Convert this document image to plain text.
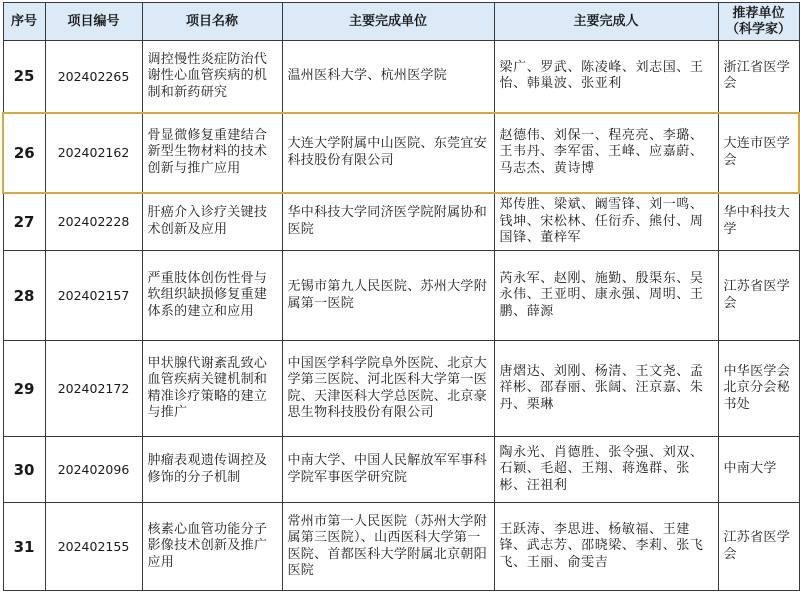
序号	项目编号	项目名称	主要完成单位	主要完成人	推荐单位
（科学家）
25	202402265	调控慢性炎症防治代谢性心血管疾病的机制和新药研究	温州医科大学、杭州医学院	梁广、罗武、陈凌峰、刘志国、王怡、韩巢波、张亚利	浙江省医学会
26	202402162	骨显微修复重建结合新型生物材料的技术创新与推广应用	大连大学附属中山医院、东莞宜安科技股份有限公司	赵德伟、刘保一、程亮亮、李璐、王韦丹、李军雷、王峰、应嘉蔚、马志杰、黄诗博	大连市医学会
27	202402228	肝癌介入诊疗关键技术创新及应用	华中科技大学同济医学院附属协和医院	郑传胜、梁斌、阚雪锋、刘一鸣、钱坤、宋松林、任衍乔、熊付、周国锋、董梓军	华中科技大学
28	202402157	严重肢体创伤性骨与软组织缺损修复重建体系的建立和应用	无锡市第九人民医院、苏州大学附属第一医院	芮永军、赵刚、施勤、殷渠东、吴永伟、王亚明、康永强、周明、王鹏、薛源	江苏省医学会
29	202402172	甲状腺代谢紊乱致心血管疾病关键机制和精准诊疗策略的建立与推广	中国医学科学院阜外医院、北京大学第三医院、河北医科大学第一医院、天津医科大学总医院、北京豪思生物科技股份有限公司	唐熠达、刘刚、杨清、王文尧、孟祥彬、邵春丽、张阔、汪京嘉、朱丹、栗琳	中华医学会北京分会秘书处
30	202402096	肿瘤表观遗传调控及修饰的分子机制	中南大学、中国人民解放军军事科学院军事医学研究院	陶永光、肖德胜、张令强、刘双、石颖、毛超、王翔、蒋逸群、张彬、汪祖利	中南大学
31	202402155	核素心血管功能分子影像技术创新及推广应用	常州市第一人民医院（苏州大学附属第三医院）、山西医科大学第一医院、首都医科大学附属北京朝阳医院	王跃涛、李思进、杨敏福、王建锋、武志芳、邵晓梁、李莉、张飞飞、王丽、俞雯吉	江苏省医学会
